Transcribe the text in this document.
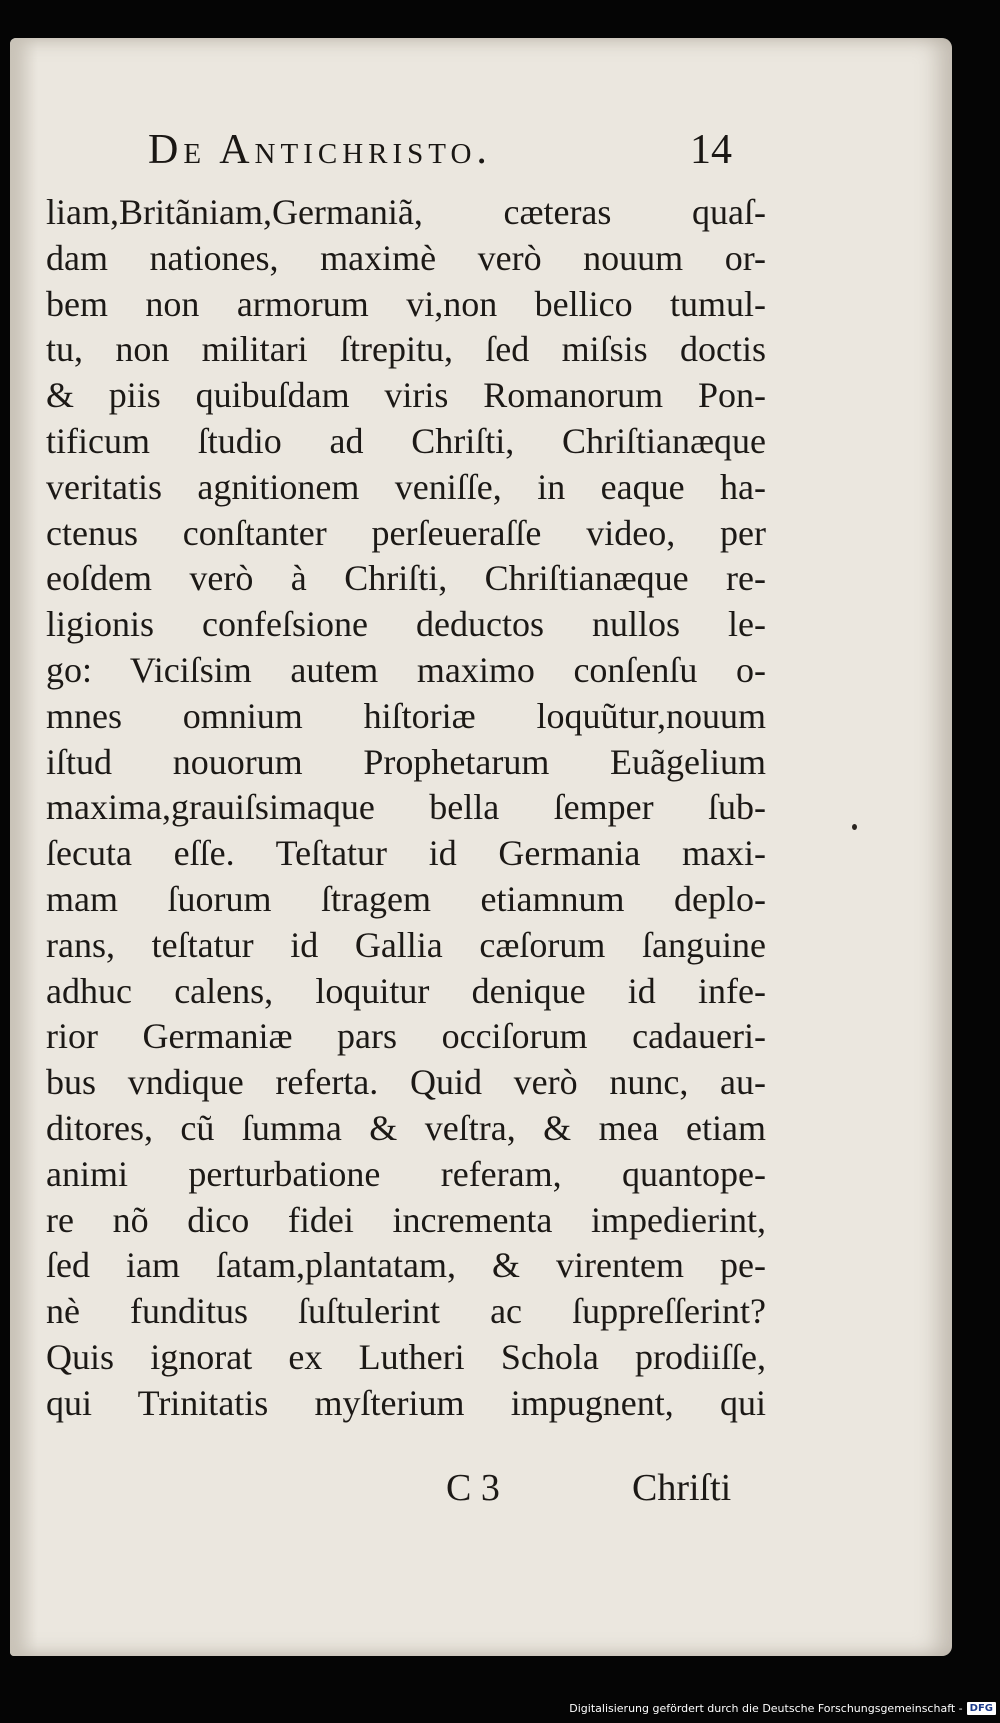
De Antichristo.	14
liam,Britãniam,Germaniã, cæteras quaſ-
dam nationes, maximè verò nouum or-
bem non armorum vi,non bellico tumul-
tu, non militari ſtrepitu, ſed miſsis doctis
& piis quibuſdam viris Romanorum Pon-
tificum ſtudio ad Chriſti, Chriſtianæque
veritatis agnitionem veniſſe, in eaque ha-
ctenus conſtanter perſeueraſſe video, per
eoſdem verò à Chriſti, Chriſtianæque re-
ligionis confeſsione deductos nullos le-
go: Viciſsim autem maximo conſenſu o-
mnes omnium hiſtoriæ loquũtur,nouum
iſtud nouorum Prophetarum Euãgelium
maxima,grauiſsimaque bella ſemper ſub-
ſecuta eſſe. Teſtatur id Germania maxi-
mam ſuorum ſtragem etiamnum deplo-
rans, teſtatur id Gallia cæſorum ſanguine
adhuc calens, loquitur denique id infe-
rior Germaniæ pars occiſorum cadaueri-
bus vndique referta. Quid verò nunc, au-
ditores, cũ ſumma & veſtra, & mea etiam
animi perturbatione referam, quantope-
re nõ dico fidei incrementa impedierint,
ſed iam ſatam,plantatam, & virentem pe-
nè funditus ſuſtulerint ac ſuppreſſerint?
Quis ignorat ex Lutheri Schola prodiiſſe,
qui Trinitatis myſterium impugnent, qui
C 3	Chriſti
Digitalisierung gefördert durch die Deutsche Forschungsgemeinschaft - DFG
